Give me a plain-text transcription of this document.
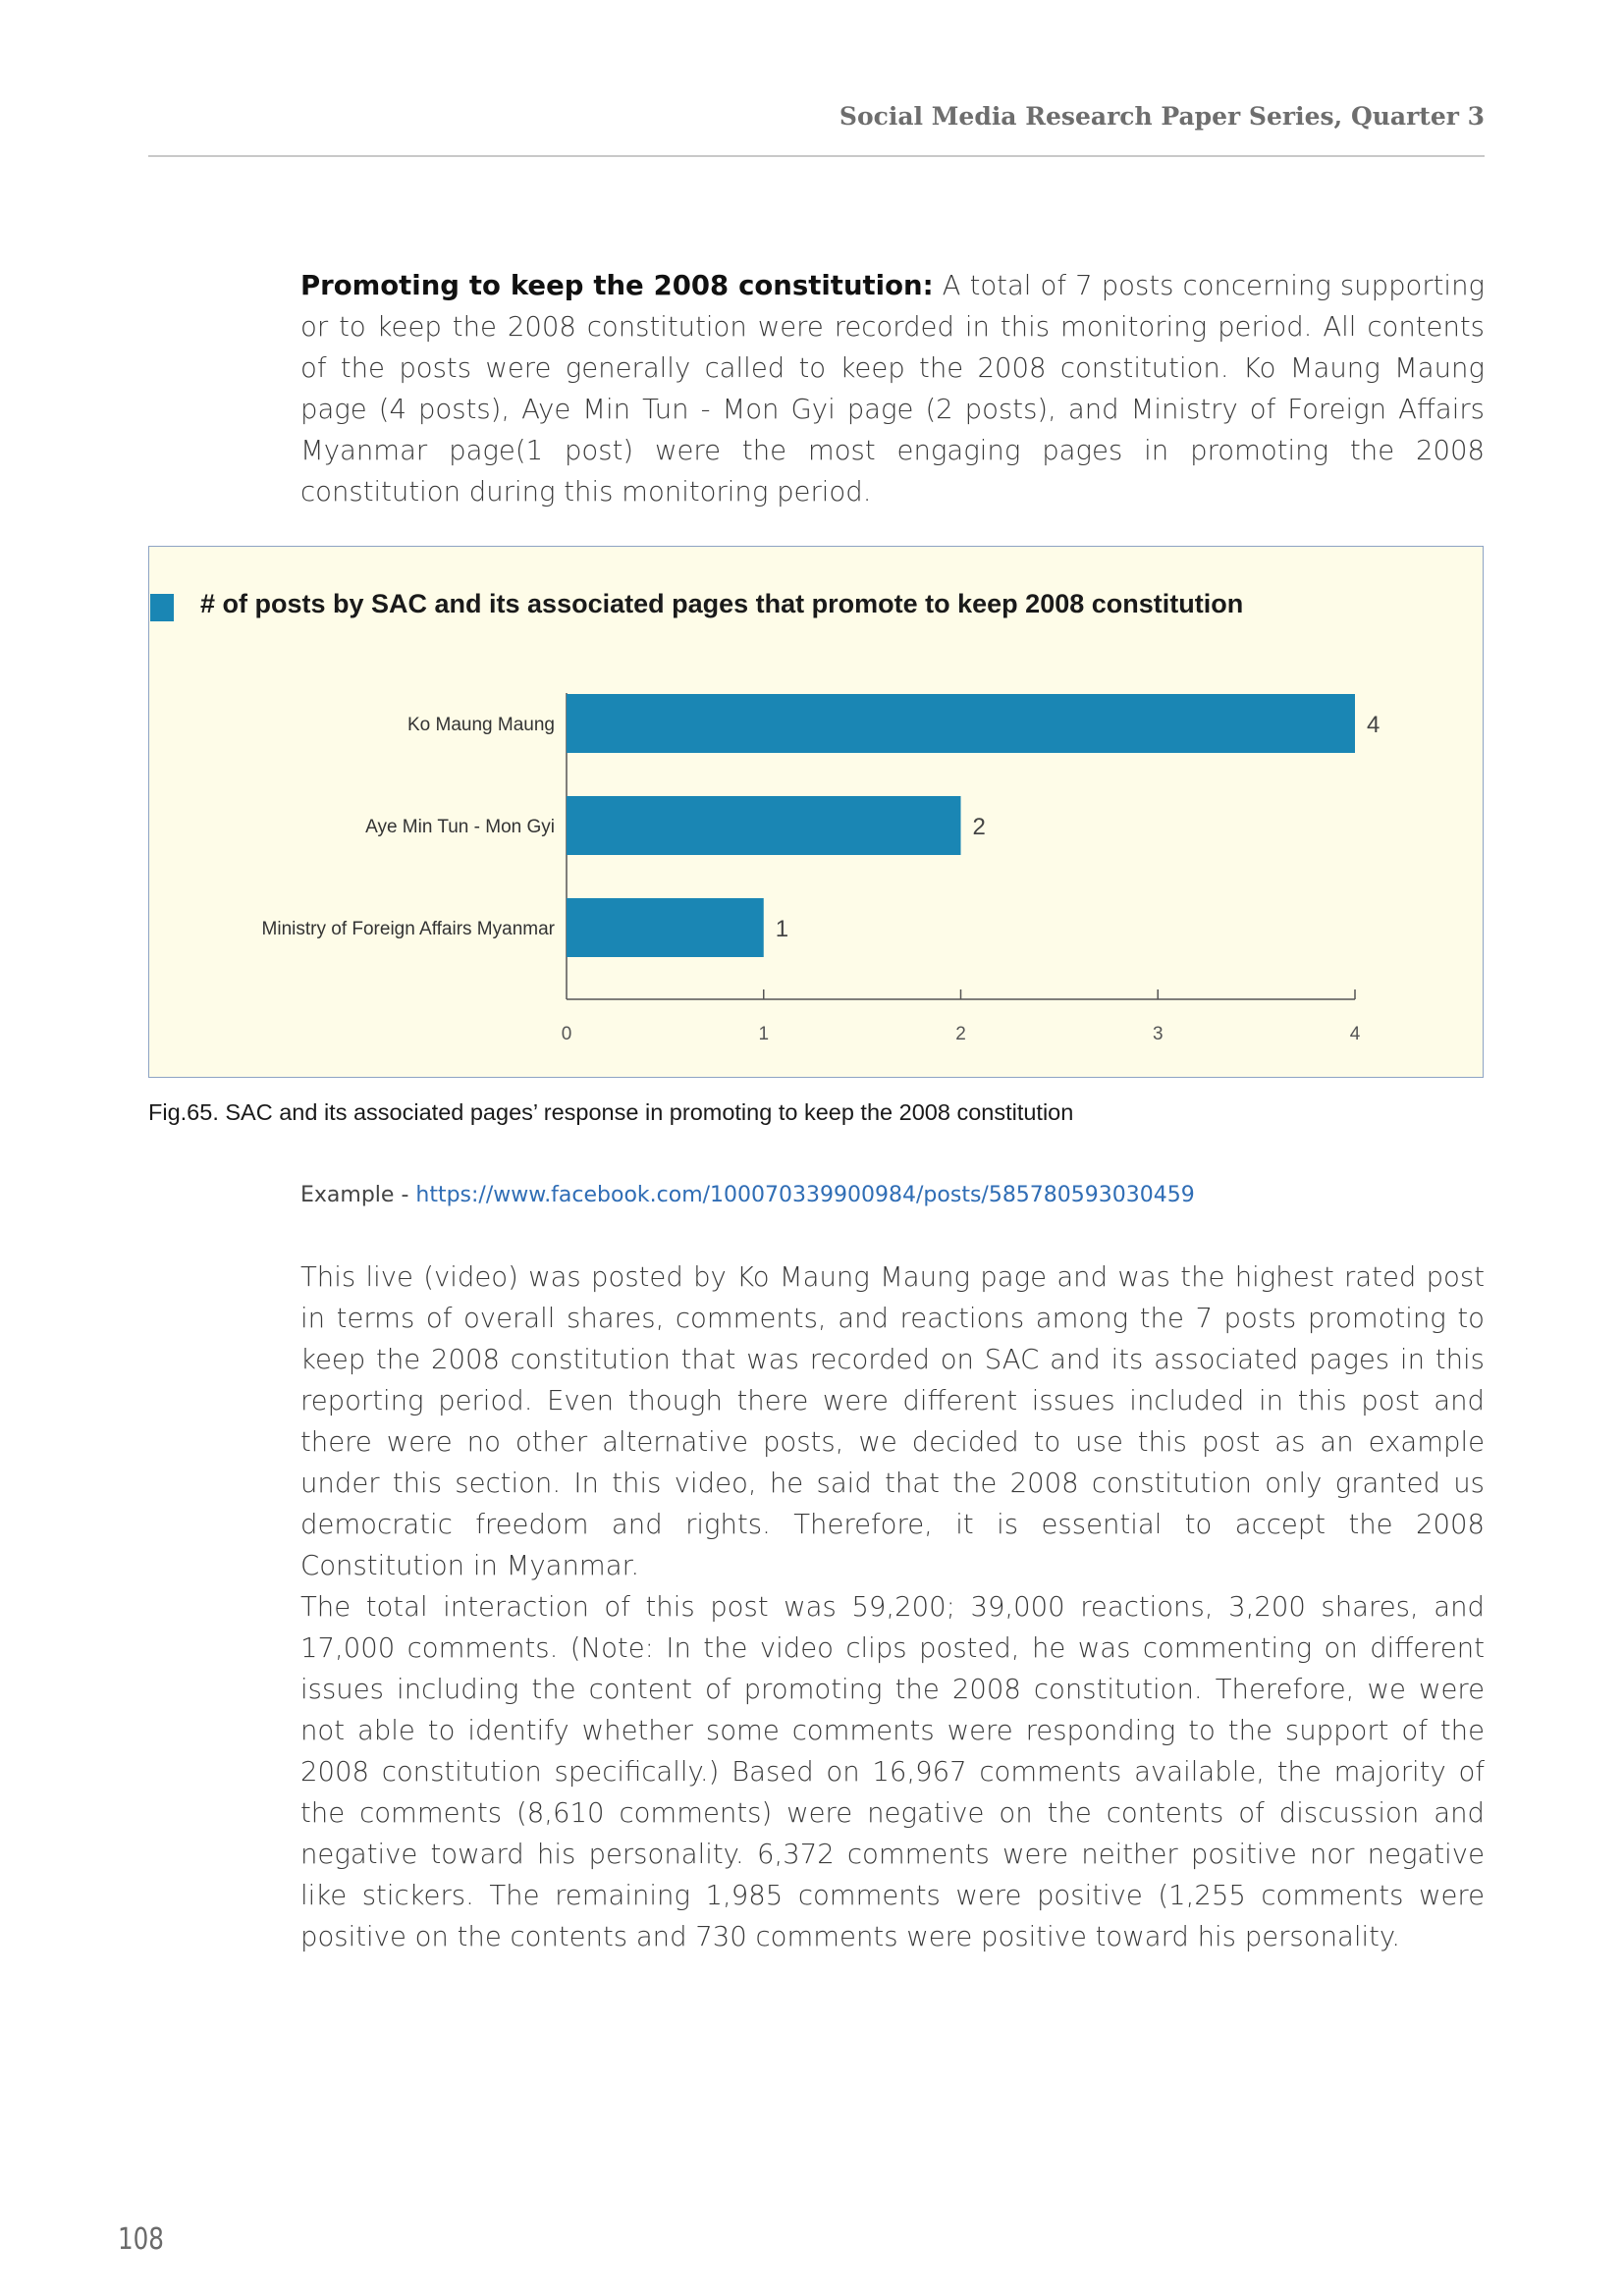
Social Media Research Paper Series, Quarter 3

Promoting to keep the 2008 constitution: A total of 7 posts concerning supporting or to keep the 2008 constitution were recorded in this monitoring period. All contents of the posts were generally called to keep the 2008 constitution. Ko Maung Maung page (4 posts), Aye Min Tun - Mon Gyi page (2 posts), and Ministry of Foreign Affairs Myanmar page(1 post) were the most engaging pages in promoting the 2008 constitution during this monitoring period.

# of posts by SAC and its associated pages that promote to keep 2008 constitution
Ko Maung Maung	4
Aye Min Tun - Mon Gyi	2
Ministry of Foreign Affairs Myanmar	1
0	1	2	3	4
Fig.65. SAC and its associated pages’ response in promoting to keep the 2008 constitution
Example - https://www.facebook.com/100070339900984/posts/585780593030459

This live (video) was posted by Ko Maung Maung page and was the highest rated post in terms of overall shares, comments, and reactions among the 7 posts promoting to keep the 2008 constitution that was recorded on SAC and its associated pages in this reporting period. Even though there were different issues included in this post and there were no other alternative posts, we decided to use this post as an example under this section. In this video, he said that the 2008 constitution only granted us democratic freedom and rights. Therefore, it is essential to accept the 2008 Constitution in Myanmar.

The total interaction of this post was 59,200; 39,000 reactions, 3,200 shares, and 17,000 comments. (Note: In the video clips posted, he was commenting on different issues including the content of promoting the 2008 constitution. Therefore, we were not able to identify whether some comments were responding to the support of the 2008 constitution specifically.) Based on 16,967 comments available, the majority of the comments (8,610 comments) were negative on the contents of discussion and negative toward his personality. 6,372 comments were neither positive nor negative like stickers. The remaining 1,985 comments were positive (1,255 comments were positive on the contents and 730 comments were positive toward his personality.

108
